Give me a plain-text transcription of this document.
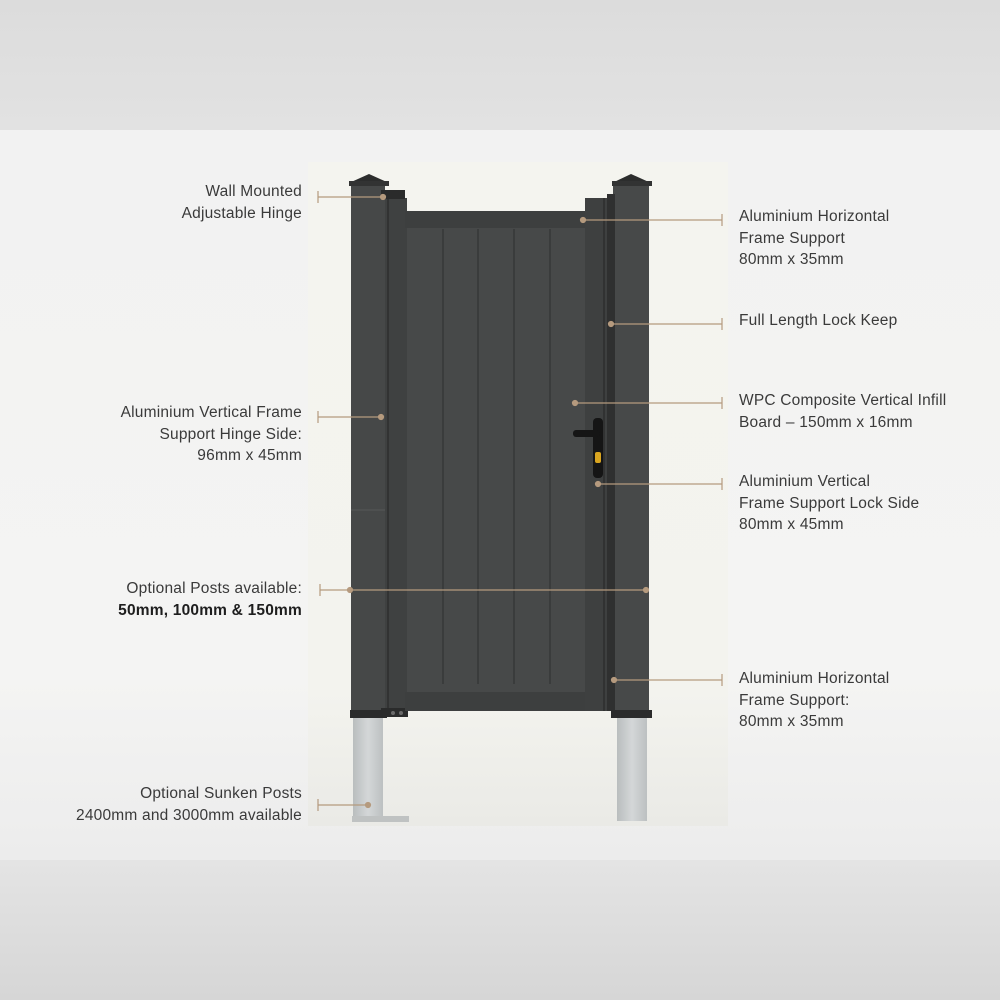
Wall Mounted
Adjustable Hinge
Aluminium Vertical Frame
Support Hinge Side:
96mm x 45mm
Optional Posts available:
50mm, 100mm & 150mm
Optional Sunken Posts
2400mm and 3000mm available
Aluminium Horizontal
Frame Support
80mm x 35mm
Full Length Lock Keep
WPC Composite Vertical Infill
Board – 150mm x 16mm
Aluminium Vertical
Frame Support Lock Side
80mm x 45mm
Aluminium Horizontal
Frame Support:
80mm x 35mm
